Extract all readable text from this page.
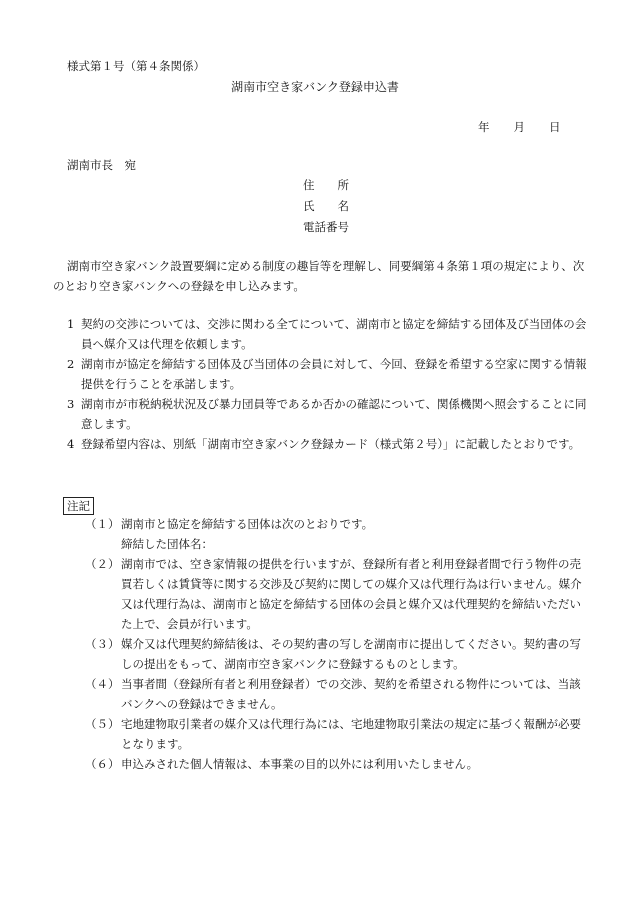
様式第１号（第４条関係）
湖南市空き家バンク登録申込書
年 月 日
湖南市長　宛
住　　所
氏　　名
電話番号
湖南市空き家バンク設置要綱に定める制度の趣旨等を理解し、同要綱第４条第１項の規定により、次のとおり空き家バンクへの登録を申し込みます。
1 契約の交渉については、交渉に関わる全てについて、湖南市と協定を締結する団体及び当団体の会員へ媒介又は代理を依頼します。
2 湖南市が協定を締結する団体及び当団体の会員に対して、今回、登録を希望する空家に関する情報提供を行うことを承諾します。
3 湖南市が市税納税状況及び暴力団員等であるか否かの確認について、関係機関へ照会することに同意します。
4 登録希望内容は、別紙「湖南市空き家バンク登録カード（様式第２号）」に記載したとおりです。
注記
（１） 湖南市と協定を締結する団体は次のとおりです。
締結した団体名：
（２） 湖南市では、空き家情報の提供を行いますが、登録所有者と利用登録者間で行う物件の売買若しくは賃貸等に関する交渉及び契約に関しての媒介又は代理行為は行いません。媒介又は代理行為は、湖南市と協定を締結する団体の会員と媒介又は代理契約を締結いただいた上で、会員が行います。
（３） 媒介又は代理契約締結後は、その契約書の写しを湖南市に提出してください。契約書の写しの提出をもって、湖南市空き家バンクに登録するものとします。
（４） 当事者間（登録所有者と利用登録者）での交渉、契約を希望される物件については、当該バンクへの登録はできません。
（５） 宅地建物取引業者の媒介又は代理行為には、宅地建物取引業法の規定に基づく報酬が必要となります。
（６） 申込みされた個人情報は、本事業の目的以外には利用いたしません。
